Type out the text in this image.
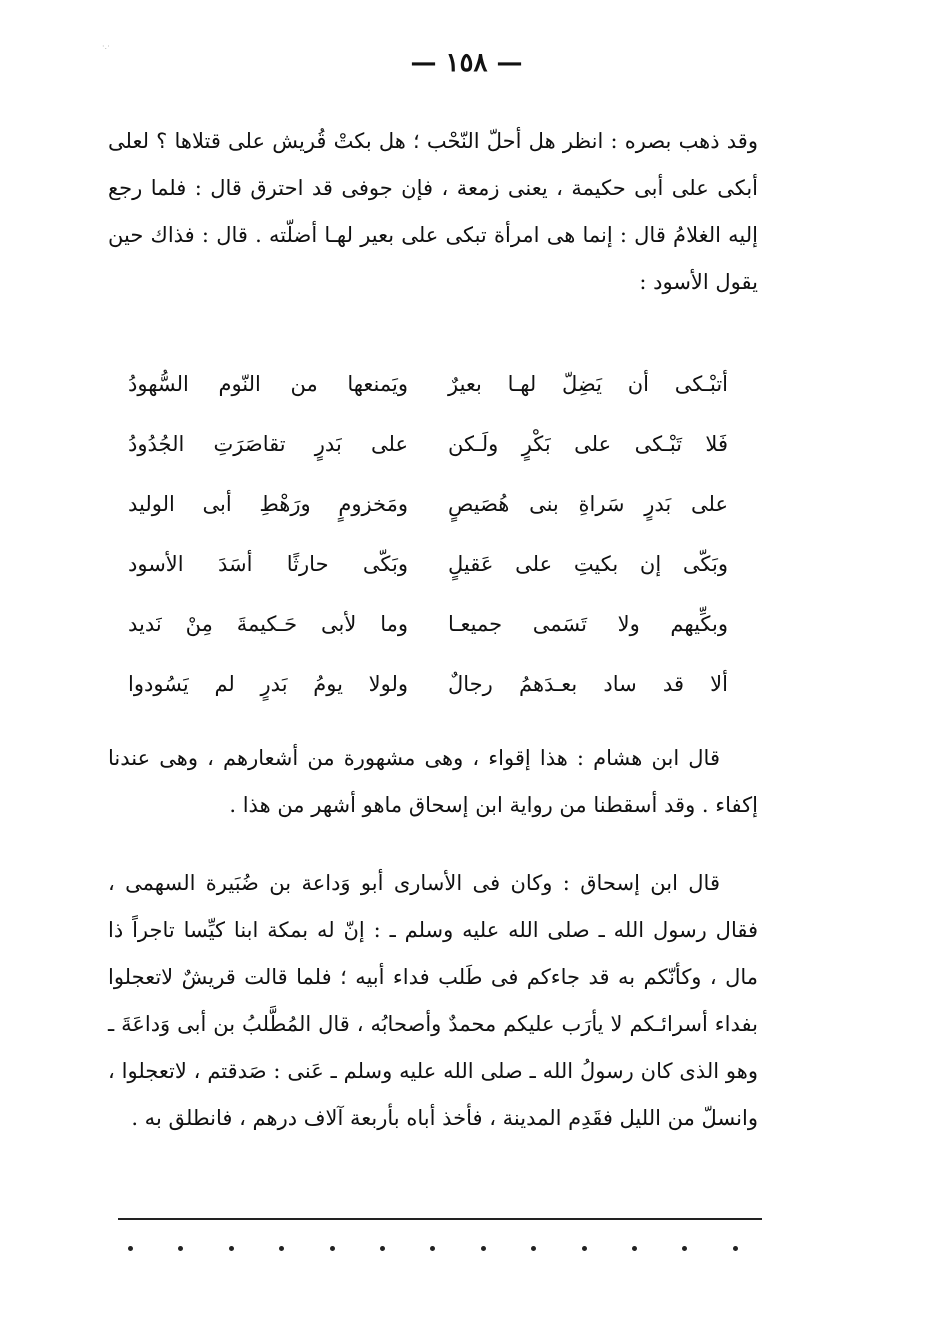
·.·
— ١٥٨ —
وقد ذهب بصره : انظر هل أحلّ النّحْب ؛ هل بكتْ قُريش على قتلاها ؟ لعلى أبكى على أبى حكيمة ، يعنى زمعة ، فإن جوفى قد احترق قال : فلما رجع إليه الغلامُ قال : إنما هى امرأة تبكى على بعير لهـا أضلّته . قال : فذاك حين يقول الأسود :
أتبْـكى أن يَضِلّ لهـا بعيرٌ
ويَمنعها من النّوم السُّهودُ
فَلا تَبْـكى على بَكْرٍ ولَـكن
على بَدرٍ تقاصَرَتِ الجُدُودُ
على بَدرٍ سَراةِ بنى هُصَيصٍ
ومَخزومٍ ورَهْطِ أبى الوليد
وبَكّى إن بكيتِ على عَقيلٍ
وبَكّى حارثًا أسَدَ الأسود
وبكِّيهم ولا تَسَمى جميعـا
وما لأبى حَـكيمةَ مِنْ نَديد
ألا قد ساد بعـدَهمُ رجالٌ
ولولا يومُ بَدرٍ لم يَسُودوا
قال ابن هشام : هذا إقواء ، وهى مشهورة من أشعارهم ، وهى عندنا إكفاء . وقد أسقطنا من رواية ابن إسحاق ماهو أشهر من هذا .
قال ابن إسحاق : وكان فى الأسارى أبو وَداعة بن ضُبَيرة السهمى ، فقال رسول الله ـ صلى الله عليه وسلم ـ : إنّ له بمكة ابنا كيِّسا تاجراً ذا مال ، وكأنّكم به قد جاءكم فى طَلب فداء أبيه ؛ فلما قالت قريشٌ لاتعجلوا بفداء أسرائـكم لا يأرَب عليكم محمدٌ وأصحابُه ، قال المُطَّلبُ بن أبى وَداعَةَ ـ وهو الذى كان رسولُ الله ـ صلى الله عليه وسلم ـ عَنى : صَدقتم ، لاتعجلوا ، وانسلّ من الليل فقَدِم المدينة ، فأخذ أباه بأربعة آلاف درهم ، فانطلق به .
